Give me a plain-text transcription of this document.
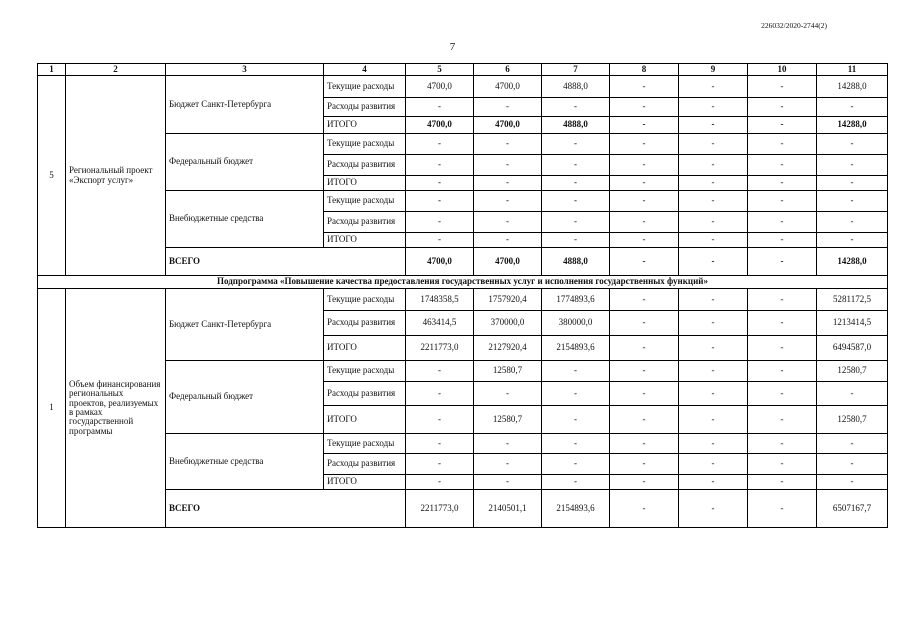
226032/2020-2744(2)
7
1	2	3	4	5	6	7	8	9	10	11
5	Региональный проект «Экспорт услуг»	Бюджет Санкт-Петербурга	Текущие расходы	4700,0	4700,0	4888,0	-	-	-	14288,0
			Расходы развития	-	-	-	-	-	-	-
			ИТОГО	4700,0	4700,0	4888,0	-	-	-	14288,0
		Федеральный бюджет	Текущие расходы	-	-	-	-	-	-	-
			Расходы развития	-	-	-	-	-	-	-
			ИТОГО	-	-	-	-	-	-	-
		Внебюджетные средства	Текущие расходы	-	-	-	-	-	-	-
			Расходы развития	-	-	-	-	-	-	-
			ИТОГО	-	-	-	-	-	-	-
		ВСЕГО		4700,0	4700,0	4888,0	-	-	-	14288,0
Подпрограмма «Повышение качества предоставления государственных услуг и исполнения государственных функций»										
1	Объем финансирования региональных проектов, реализуемых в рамках государственной программы	Бюджет Санкт-Петербурга	Текущие расходы	1748358,5	1757920,4	1774893,6	-	-	-	5281172,5
			Расходы развития	463414,5	370000,0	380000,0	-	-	-	1213414,5
			ИТОГО	2211773,0	2127920,4	2154893,6	-	-	-	6494587,0
		Федеральный бюджет	Текущие расходы	-	12580,7	-	-	-	-	12580,7
			Расходы развития	-	-	-	-	-	-	-
			ИТОГО	-	12580,7	-	-	-	-	12580,7
		Внебюджетные средства	Текущие расходы	-	-	-	-	-	-	-
			Расходы развития	-	-	-	-	-	-	-
			ИТОГО	-	-	-	-	-	-	-
		ВСЕГО		2211773,0	2140501,1	2154893,6	-	-	-	6507167,7
